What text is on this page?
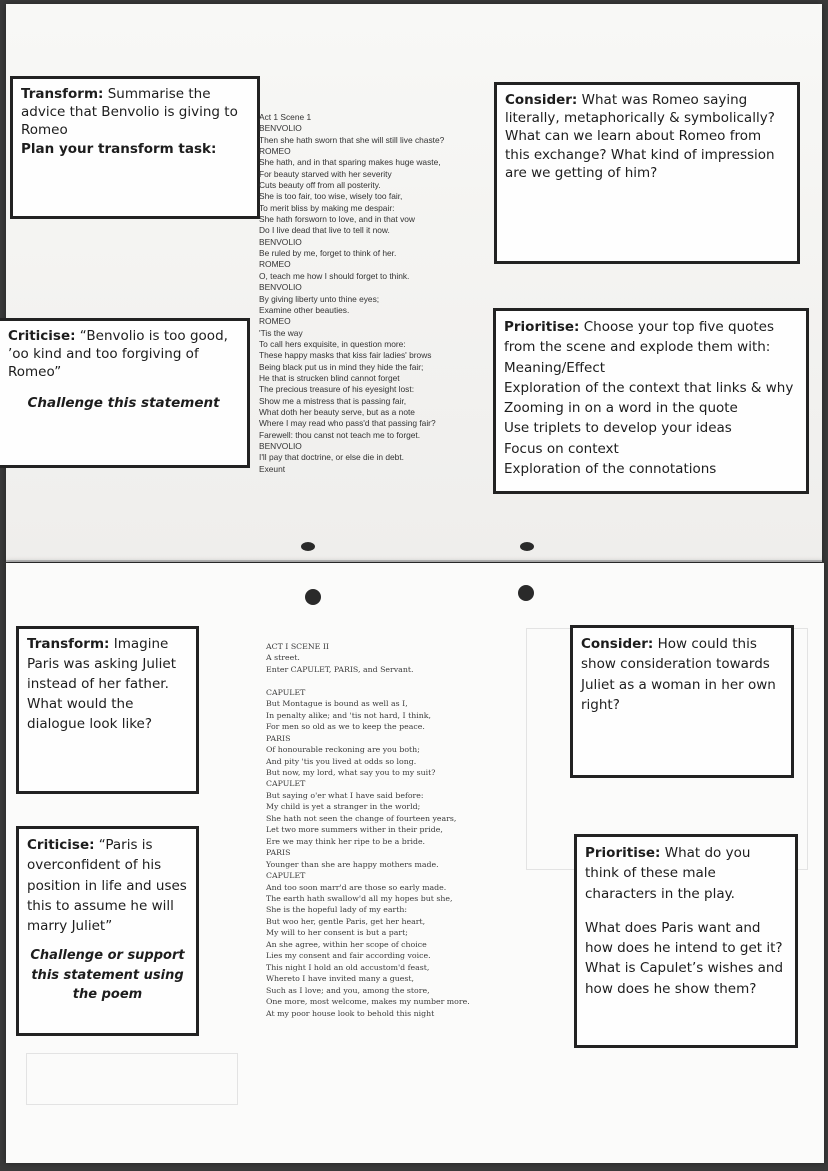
Transform: Summarise the advice that Benvolio is giving to Romeo

Plan your transform task:

Criticise: “Benvolio is too good, ’oo kind and too forgiving of Romeo”

Challenge this statement

Consider: What was Romeo saying literally, metaphorically & symbolically? What can we learn about Romeo from this exchange? What kind of impression are we getting of him?

Prioritise: Choose your top five quotes from the scene and explode them with:

Meaning/Effect

Exploration of the context that links & why

Zooming in on a word in the quote

Use triplets to develop your ideas

Focus on context

Exploration of the connotations

Act 1 Scene 1
BENVOLIO
Then she hath sworn that she will still live chaste?
ROMEO
She hath, and in that sparing makes huge waste,
For beauty starved with her severity
Cuts beauty off from all posterity.
She is too fair, too wise, wisely too fair,
To merit bliss by making me despair:
She hath forsworn to love, and in that vow
Do I live dead that live to tell it now.
BENVOLIO
Be ruled by me, forget to think of her.
ROMEO
O, teach me how I should forget to think.
BENVOLIO
By giving liberty unto thine eyes;
Examine other beauties.
ROMEO
'Tis the way
To call hers exquisite, in question more:
These happy masks that kiss fair ladies' brows
Being black put us in mind they hide the fair;
He that is strucken blind cannot forget
The precious treasure of his eyesight lost:
Show me a mistress that is passing fair,
What doth her beauty serve, but as a note
Where I may read who pass'd that passing fair?
Farewell: thou canst not teach me to forget.
BENVOLIO
I'll pay that doctrine, or else die in debt.
Exeunt

Transform: Imagine Paris was asking Juliet instead of her father. What would the dialogue look like?

Criticise: “Paris is overconfident of his position in life and uses this to assume he will marry Juliet”

Challenge or support this statement using the poem

Consider: How could this show consideration towards Juliet as a woman in her own right?

Prioritise: What do you think of these male characters in the play.

What does Paris want and how does he intend to get it? What is Capulet’s wishes and how does he show them?

ACT I SCENE II
A street.
Enter CAPULET, PARIS, and Servant.
CAPULET
But Montague is bound as well as I,
In penalty alike; and 'tis not hard, I think,
For men so old as we to keep the peace.
PARIS
Of honourable reckoning are you both;
And pity 'tis you lived at odds so long.
But now, my lord, what say you to my suit?
CAPULET
But saying o'er what I have said before:
My child is yet a stranger in the world;
She hath not seen the change of fourteen years,
Let two more summers wither in their pride,
Ere we may think her ripe to be a bride.
PARIS
Younger than she are happy mothers made.
CAPULET
And too soon marr'd are those so early made.
The earth hath swallow'd all my hopes but she,
She is the hopeful lady of my earth:
But woo her, gentle Paris, get her heart,
My will to her consent is but a part;
An she agree, within her scope of choice
Lies my consent and fair according voice.
This night I hold an old accustom'd feast,
Whereto I have invited many a guest,
Such as I love; and you, among the store,
One more, most welcome, makes my number more.
At my poor house look to behold this night
